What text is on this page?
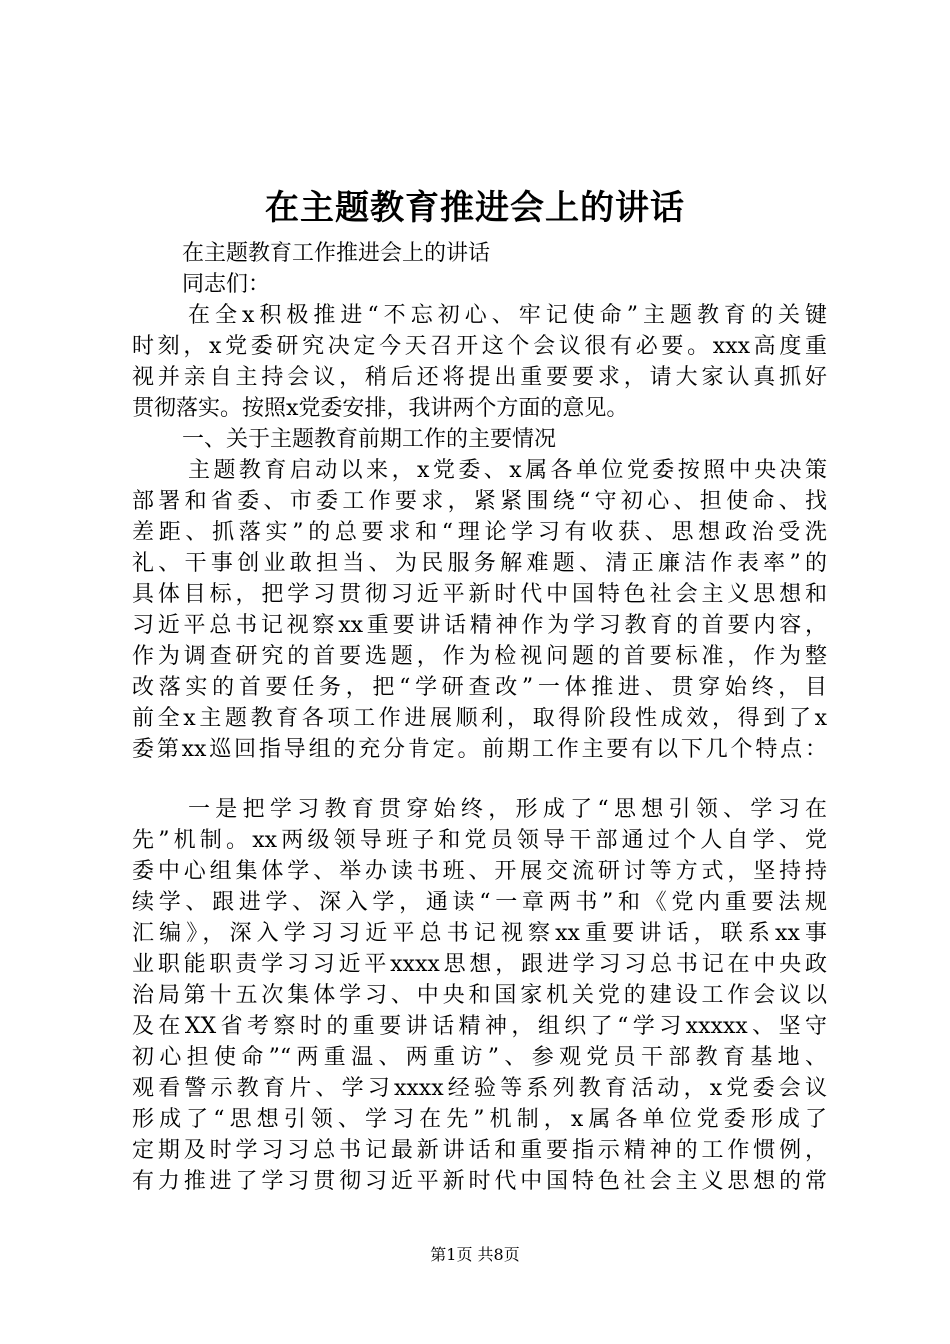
在主题教育推进会上的讲话
在主题教育工作推进会上的讲话
同志们：
在全x积极推进“不忘初心、牢记使命”主题教育的关键
时刻，x党委研究决定今天召开这个会议很有必要。xxx高度重
视并亲自主持会议，稍后还将提出重要要求，请大家认真抓好
贯彻落实。按照x党委安排，我讲两个方面的意见。
一、关于主题教育前期工作的主要情况
主题教育启动以来，x党委、x属各单位党委按照中央决策
部署和省委、市委工作要求，紧紧围绕“守初心、担使命、找
差距、抓落实”的总要求和“理论学习有收获、思想政治受洗
礼、干事创业敢担当、为民服务解难题、清正廉洁作表率”的
具体目标，把学习贯彻习近平新时代中国特色社会主义思想和
习近平总书记视察xx重要讲话精神作为学习教育的首要内容，
作为调查研究的首要选题，作为检视问题的首要标准，作为整
改落实的首要任务，把“学研查改”一体推进、贯穿始终，目
前全x主题教育各项工作进展顺利，取得阶段性成效，得到了x
委第xx巡回指导组的充分肯定。前期工作主要有以下几个特点：
一是把学习教育贯穿始终，形成了“思想引领、学习在
先”机制。xx两级领导班子和党员领导干部通过个人自学、党
委中心组集体学、举办读书班、开展交流研讨等方式，坚持持
续学、跟进学、深入学，通读“一章两书”和《党内重要法规
汇编》，深入学习习近平总书记视察xx重要讲话，联系xx事
业职能职责学习习近平xxxx思想，跟进学习习总书记在中央政
治局第十五次集体学习、中央和国家机关党的建设工作会议以
及在XX省考察时的重要讲话精神，组织了“学习xxxxx、坚守
初心担使命”“两重温、两重访”、参观党员干部教育基地、
观看警示教育片、学习xxxx经验等系列教育活动，x党委会议
形成了“思想引领、学习在先”机制，x属各单位党委形成了
定期及时学习习总书记最新讲话和重要指示精神的工作惯例，
有力推进了学习贯彻习近平新时代中国特色社会主义思想的常
第1页 共8页
